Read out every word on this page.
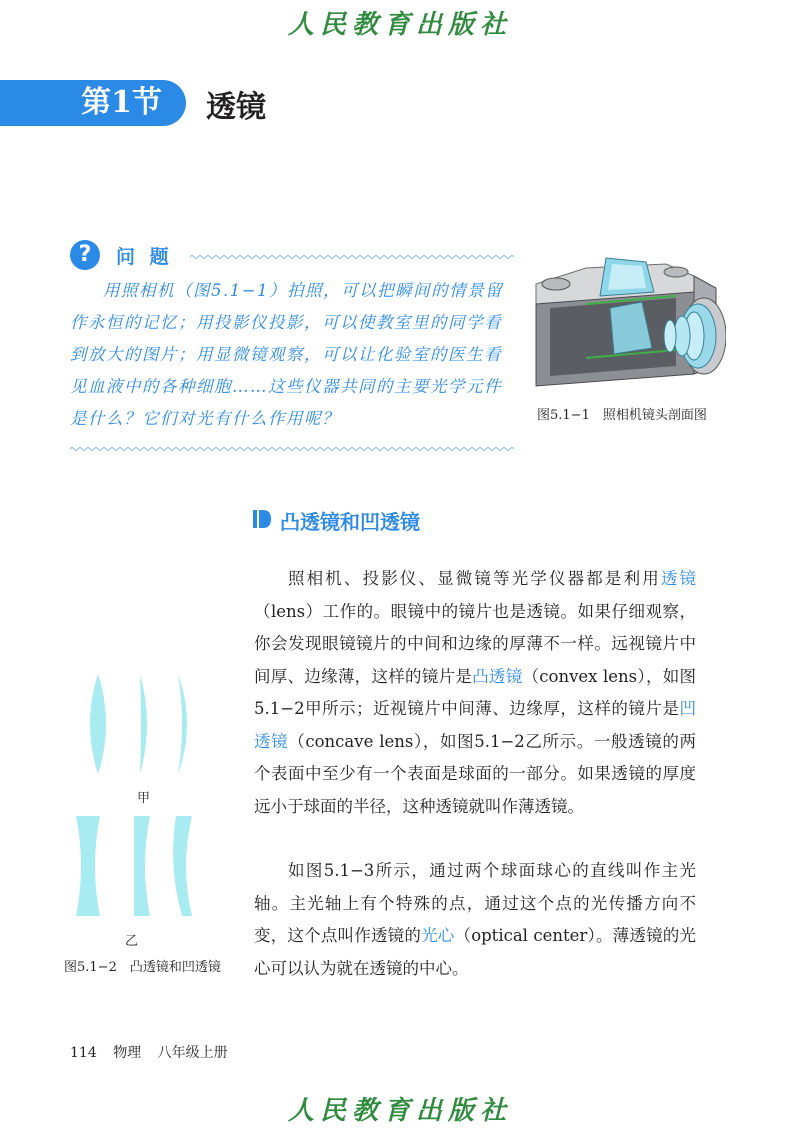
人民教育出版社
第1节	透镜
?	问 题

用照相机（图5.1−1）拍照，可以把瞬间的情景留作永恒的记忆；用投影仪投影，可以使教室里的同学看到放大的图片；用显微镜观察，可以让化验室的医生看见血液中的各种细胞……这些仪器共同的主要光学元件是什么？它们对光有什么作用呢？	图5.1−1　照相机镜头剖面图
凸透镜和凹透镜

照相机、投影仪、显微镜等光学仪器都是利用透镜（lens）工作的。眼镜中的镜片也是透镜。如果仔细观察，你会发现眼镜镜片的中间和边缘的厚薄不一样。远视镜片中间厚、边缘薄，这样的镜片是凸透镜（convex lens），如图5.1−2甲所示；近视镜片中间薄、边缘厚，这样的镜片是凹透镜（concave lens），如图5.1−2乙所示。一般透镜的两个表面中至少有一个表面是球面的一部分。如果透镜的厚度远小于球面的半径，这种透镜就叫作薄透镜。

如图5.1−3所示，通过两个球面球心的直线叫作主光轴。主光轴上有个特殊的点，通过这个点的光传播方向不变，这个点叫作透镜的光心（optical center）。薄透镜的光心可以认为就在透镜的中心。

甲
乙
图5.1−2　凸透镜和凹透镜
114 物理 八年级上册
人民教育出版社
